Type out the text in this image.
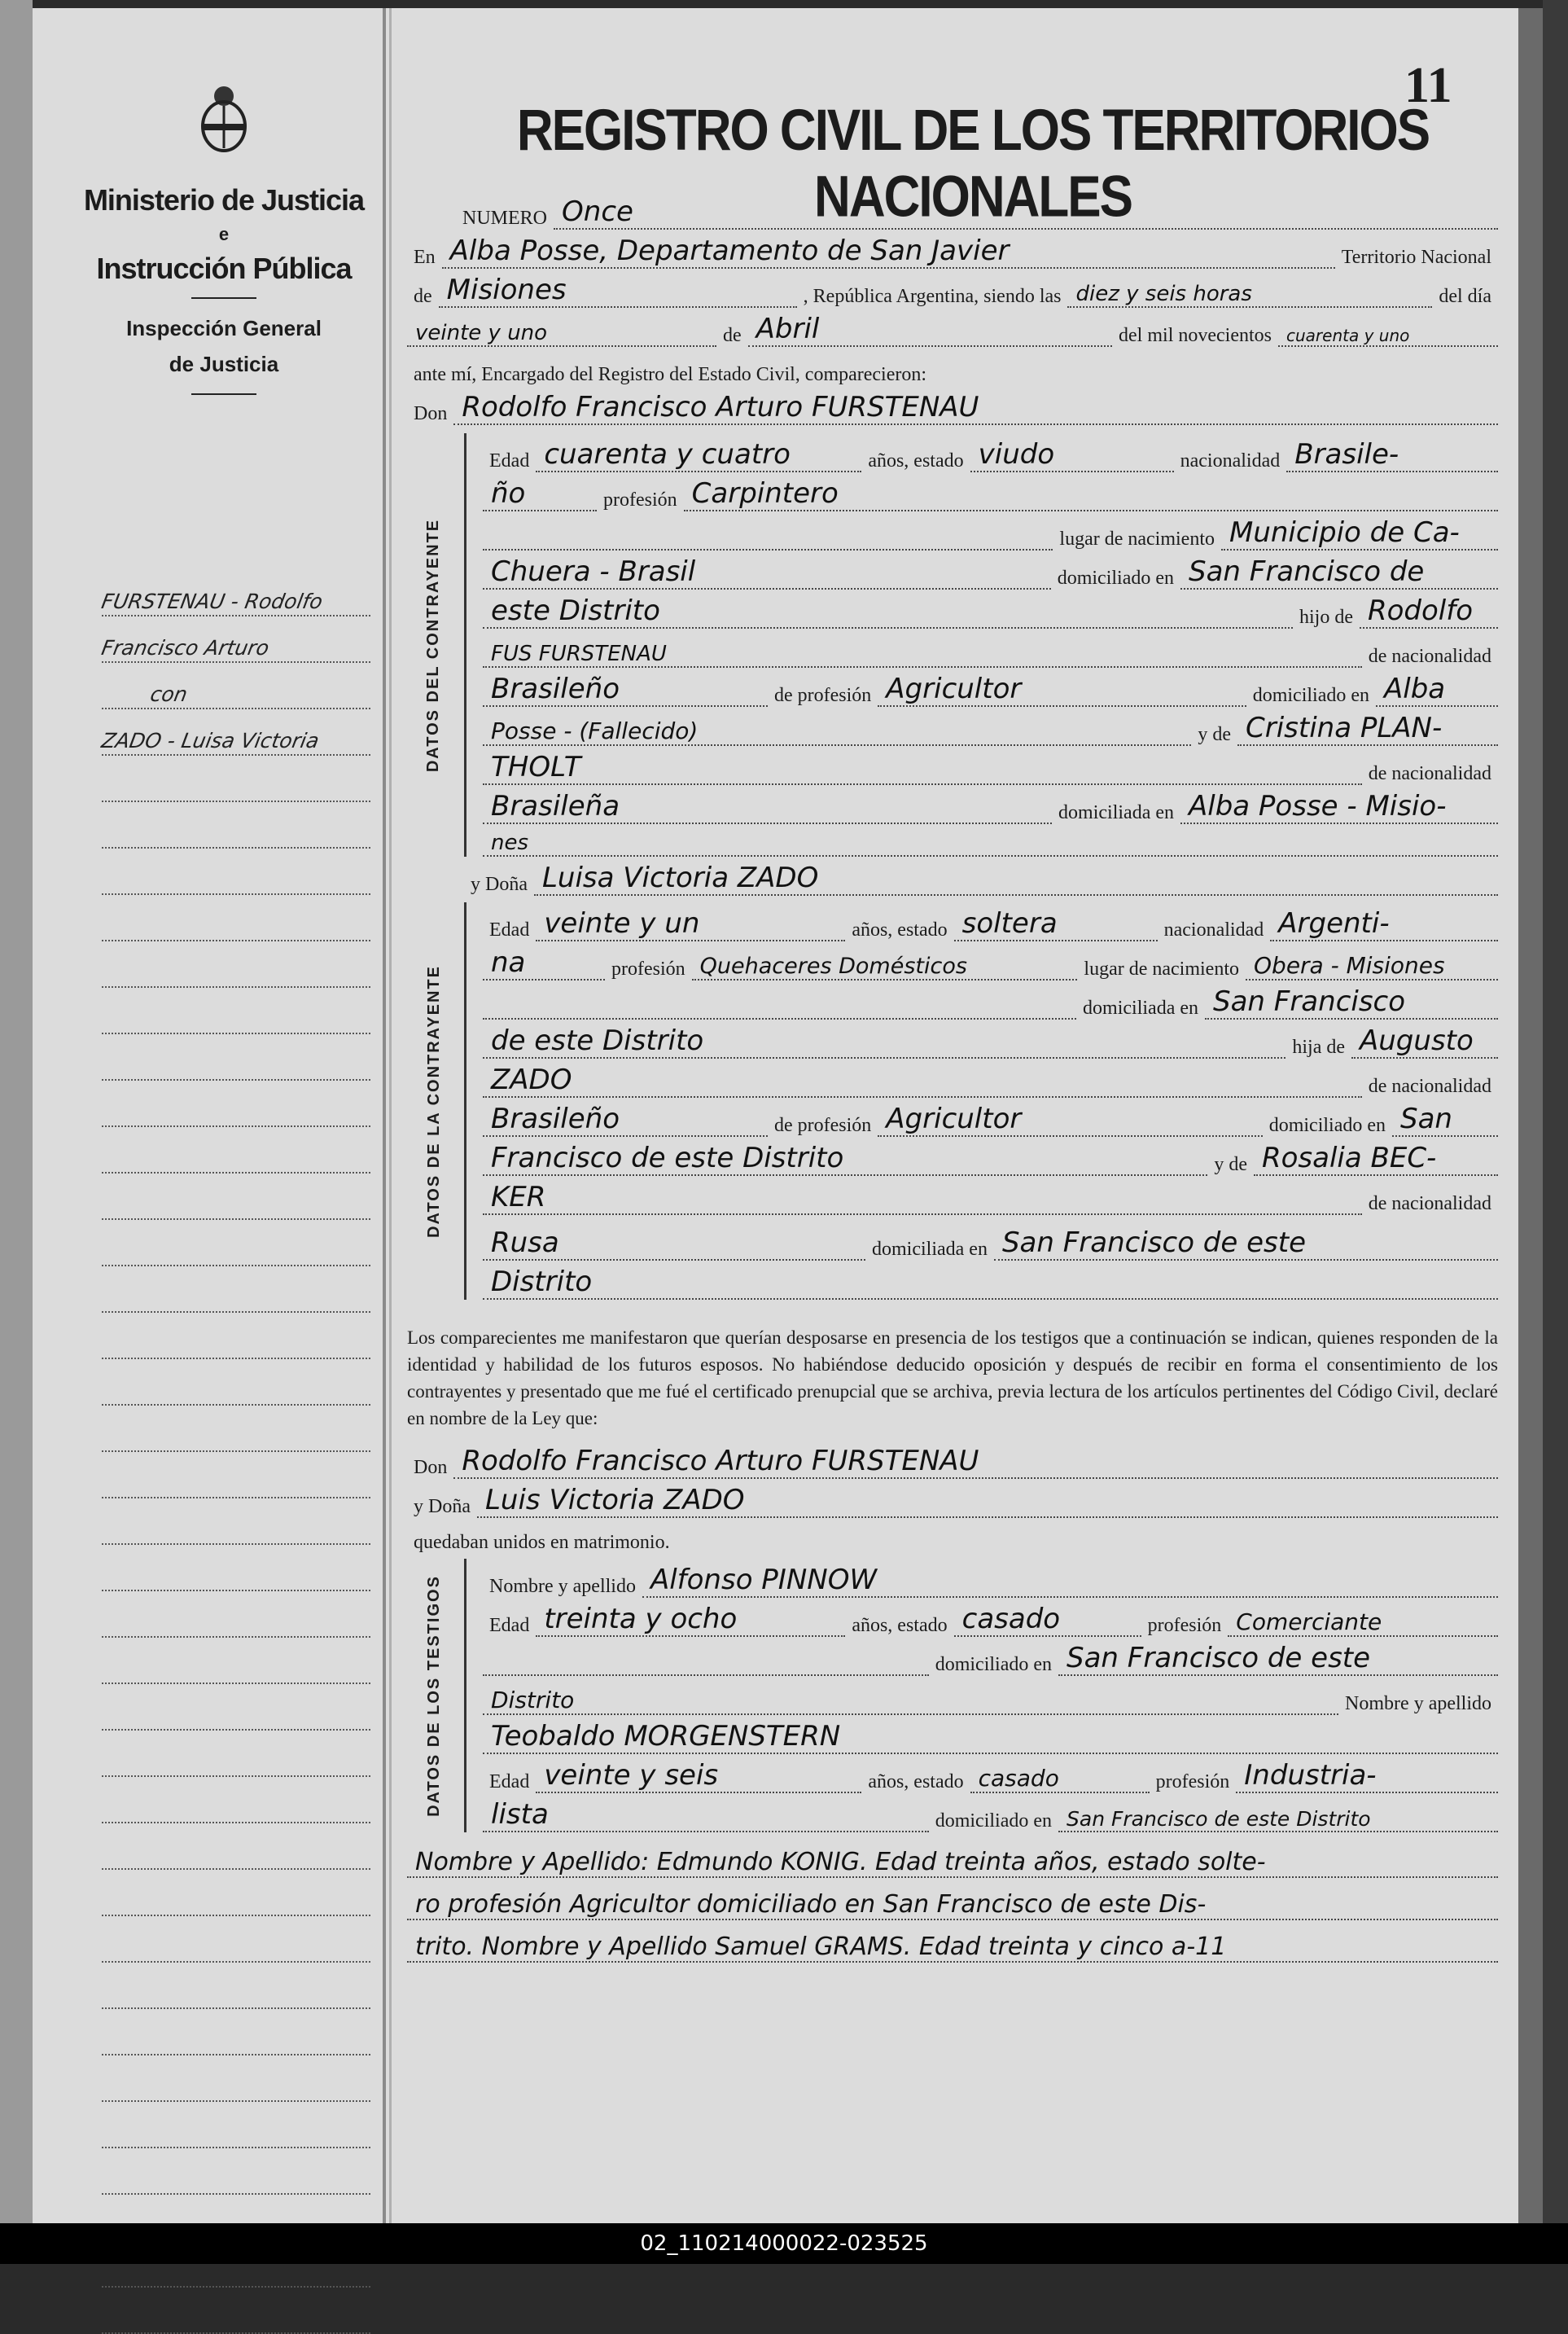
Ministerio de Justicia
e
Instrucción Pública
Inspección General
de Justicia
FURSTENAU - Rodolfo
Francisco Arturo
con
ZADO - Luisa Victoria
11
REGISTRO CIVIL DE LOS TERRITORIOS NACIONALES
NUMERO Once
En Alba Posse, Departamento de San Javier	Territorio Nacional
de Misiones	, República Argentina, siendo las diez y seis horas	del día
veinte y uno	de Abril	del mil novecientos cuarenta y uno
ante mí, Encargado del Registro del Estado Civil, comparecieron:
Don Rodolfo Francisco Arturo FURSTENAU
DATOS DEL CONTRAYENTE
Edad cuarenta y cuatro	años, estado viudo	nacionalidad Brasile-
ño	profesión Carpintero
lugar de nacimiento Municipio de Ca-
Chuera - Brasil	domiciliado en San Francisco de
este Distrito	hijo de Rodolfo
FUS FURSTENAU	de nacionalidad
Brasileño	de profesión Agricultor	domiciliado en Alba
Posse - (Fallecido)	y de Cristina PLAN-
THOLT	de nacionalidad
Brasileña	domiciliada en Alba Posse - Misio-
nes
y Doña Luisa Victoria ZADO
DATOS DE LA CONTRAYENTE
Edad veinte y un	años, estado soltera	nacionalidad Argenti-
na	profesión Quehaceres Domésticos	lugar de nacimiento Obera - Misiones
domiciliada en San Francisco
de este Distrito	hija de Augusto
ZADO	de nacionalidad
Brasileño	de profesión Agricultor	domiciliado en San
Francisco de este Distrito	y de Rosalia BEC-
KER	de nacionalidad
Rusa	domiciliada en San Francisco de este
Distrito
Los comparecientes me manifestaron que querían desposarse en presencia de los testigos que a continuación se indican, quienes responden de la identidad y habilidad de los futuros esposos. No habiéndose deducido oposición y después de recibir en forma el consentimiento de los contrayentes y presentado que me fué el certificado prenupcial que se archiva, previa lectura de los artículos pertinentes del Código Civil, declaré en nombre de la Ley que:
Don Rodolfo Francisco Arturo FURSTENAU
y Doña Luis Victoria ZADO
quedaban unidos en matrimonio.
DATOS DE LOS TESTIGOS	Nombre y apellido Alfonso PINNOW
Edad treinta y ocho	años, estado casado	profesión Comerciante
domiciliado en San Francisco de este
Distrito	Nombre y apellido
Teobaldo MORGENSTERN
Edad veinte y seis	años, estado casado	profesión Industria-
lista	domiciliado en San Francisco de este Distrito
Nombre y Apellido: Edmundo KONIG. Edad treinta años, estado solte-
ro profesión Agricultor domiciliado en San Francisco de este Dis-
trito. Nombre y Apellido Samuel GRAMS. Edad treinta y cinco a-11
02_110214000022-023525
